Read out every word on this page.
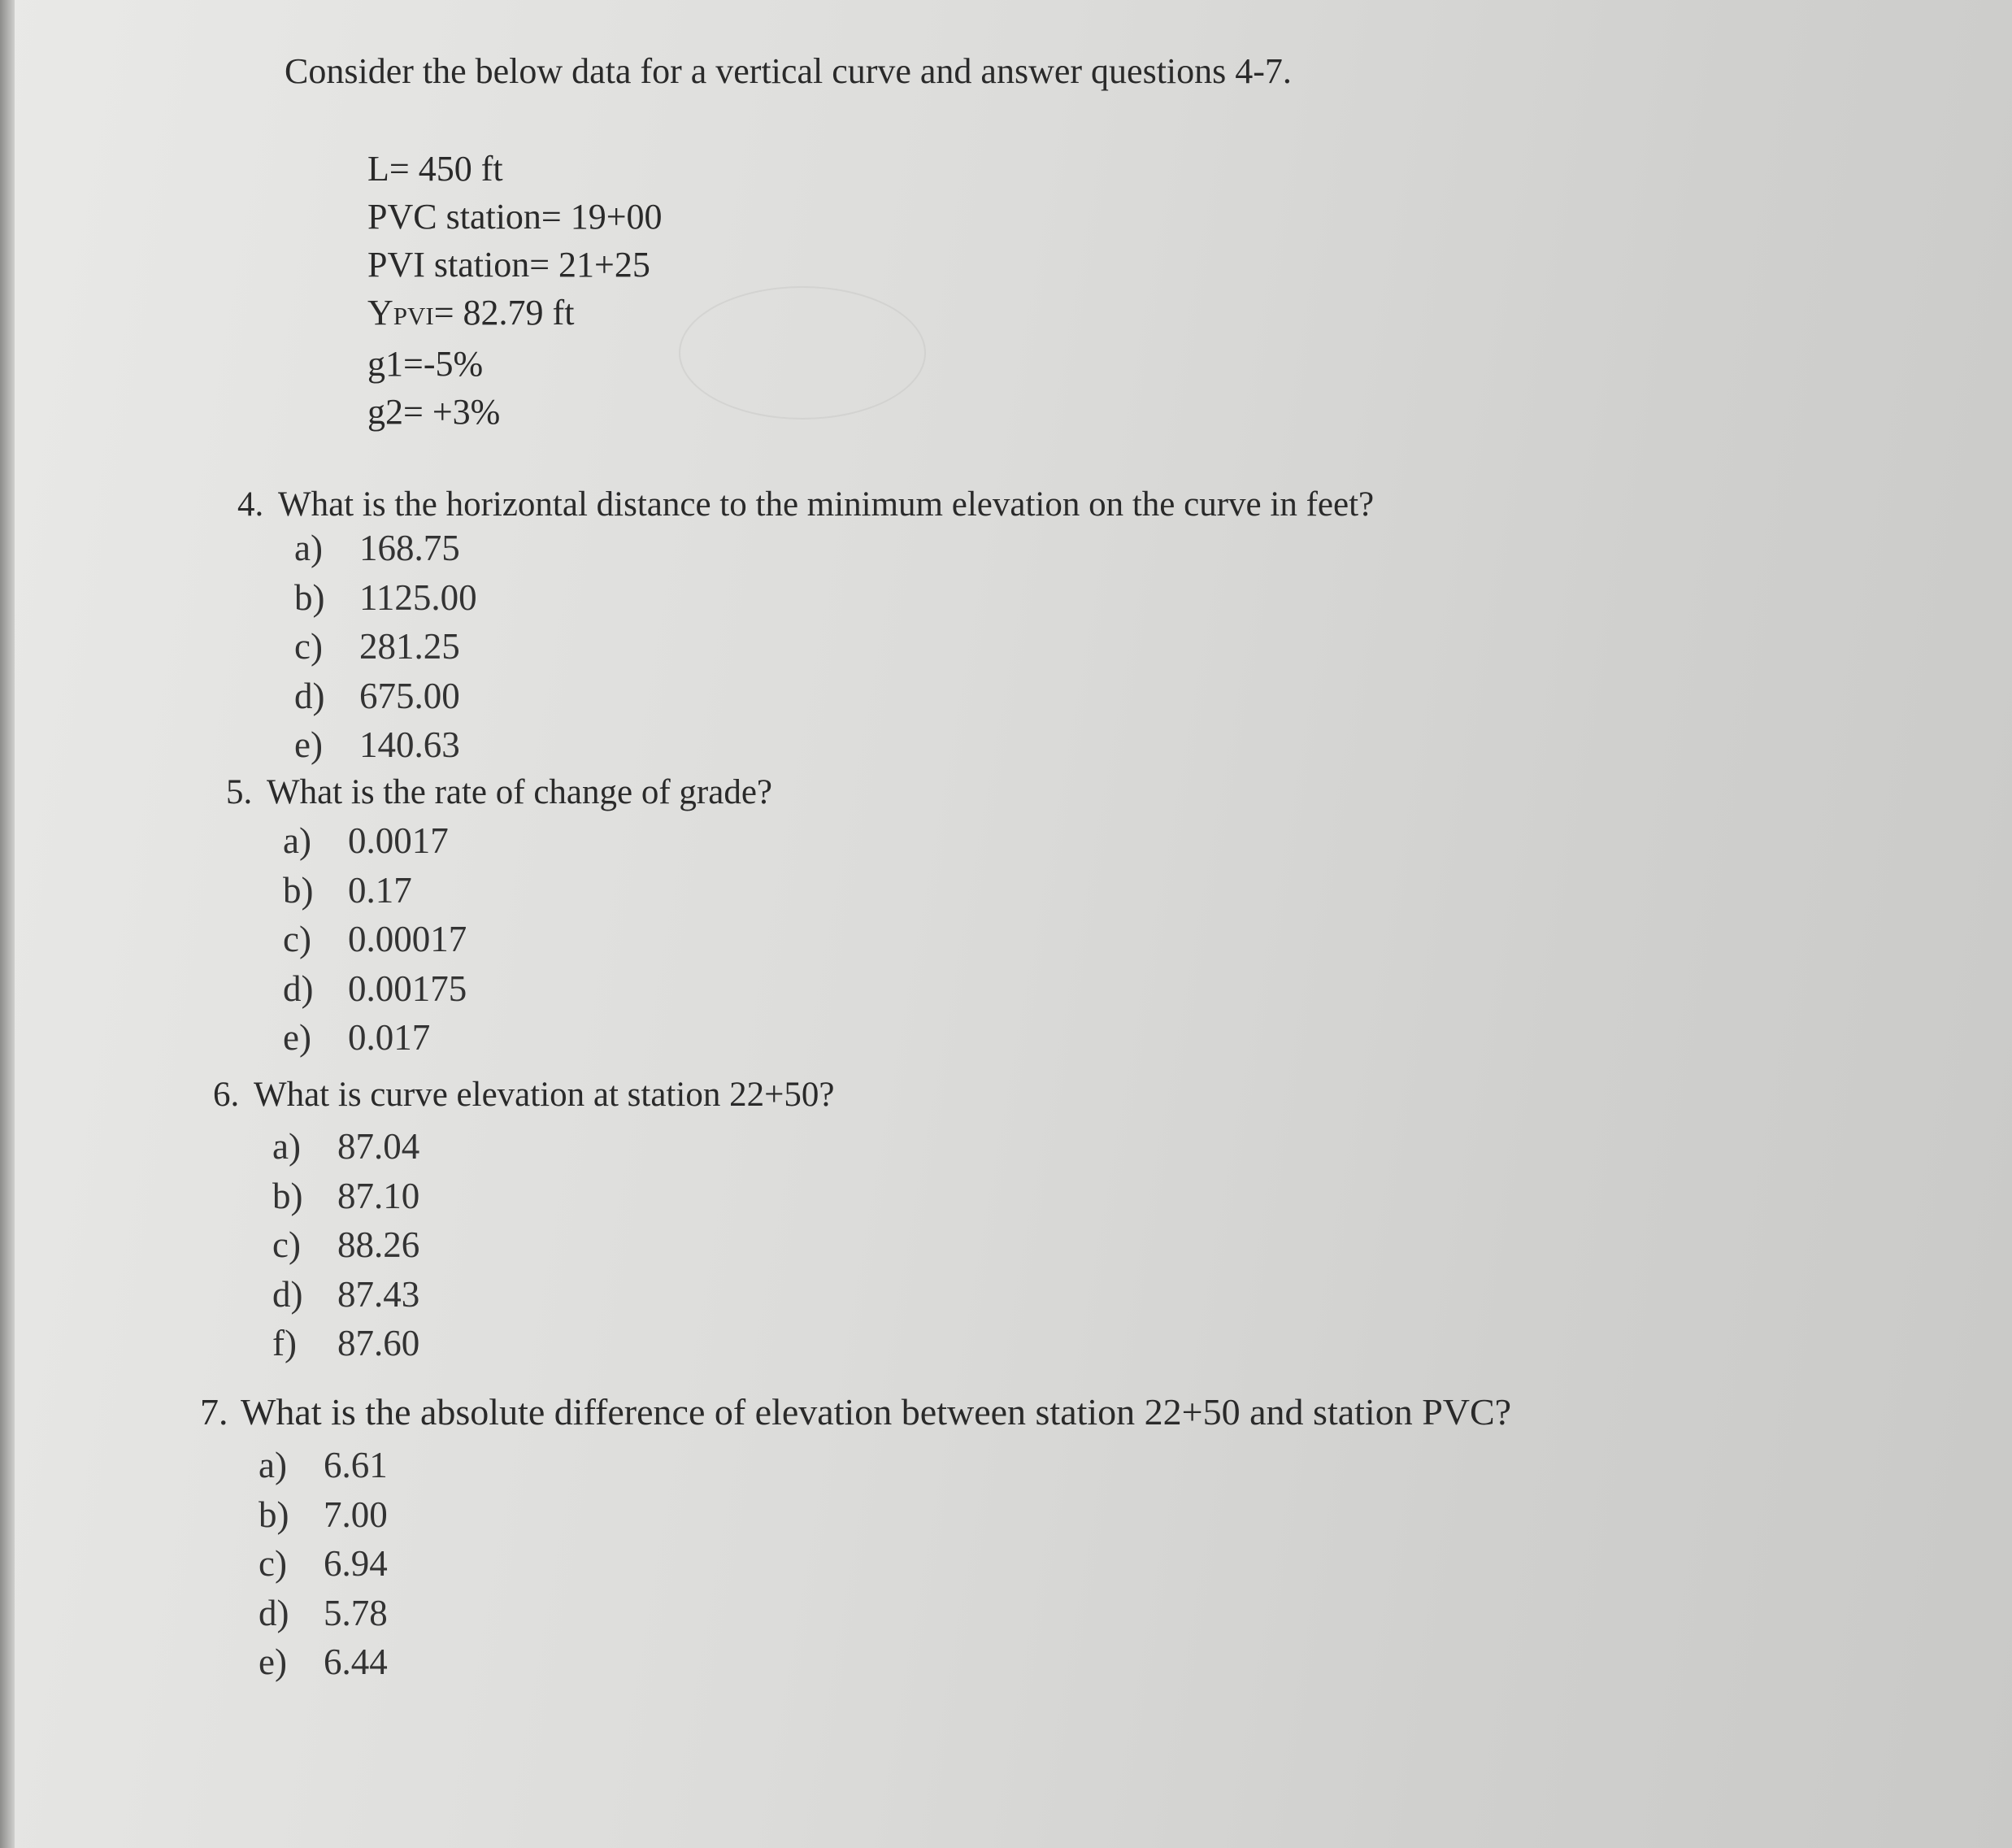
Consider the below data for a vertical curve and answer questions 4-7.
L= 450 ft
PVC station= 19+00
PVI station= 21+25
YPVI= 82.79 ft
g1=-5%
g2= +3%
4. What is the horizontal distance to the minimum elevation on the curve in feet?
a) 168.75
b) 1125.00
c) 281.25
d) 675.00
e) 140.63
5. What is the rate of change of grade?
a) 0.0017
b) 0.17
c) 0.00017
d) 0.00175
e) 0.017
6. What is curve elevation at station 22+50?
a) 87.04
b) 87.10
c) 88.26
d) 87.43
f) 87.60
7. What is the absolute difference of elevation between station 22+50 and station PVC?
a) 6.61
b) 7.00
c) 6.94
d) 5.78
e) 6.44
